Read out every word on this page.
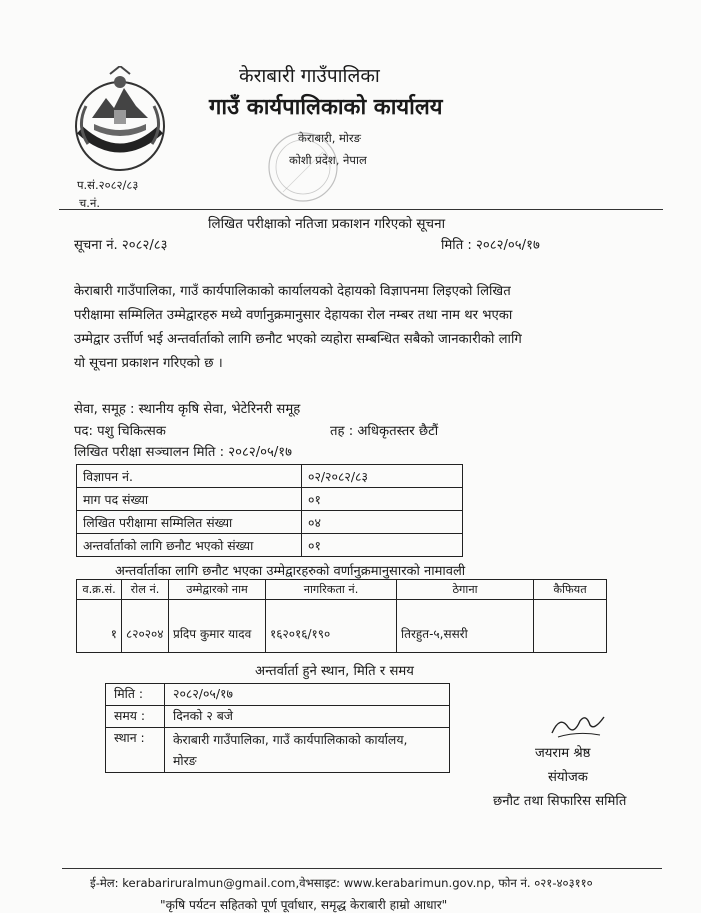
केराबारी गाउँपालिका
गाउँ कार्यपालिकाको कार्यालय
केराबारी, मोरङ
कोशी प्रदेश, नेपाल
प.सं.२०८२/८३
च.नं.
लिखित परीक्षाको नतिजा प्रकाशन गरिएको सूचना
सूचना नं. २०८२/८३	मिति : २०८२/०५/१७
केराबारी गाउँपालिका, गाउँ कार्यपालिकाको कार्यालयको देहायको विज्ञापनमा लिइएको लिखित
परीक्षामा सम्मिलित उम्मेद्वारहरु मध्ये वर्णानुक्रमानुसार देहायका रोल नम्बर तथा नाम थर भएका
उम्मेद्वार उर्त्तीर्ण भई अन्तर्वार्ताको लागि छनौट भएको व्यहोरा सम्बन्धित सबैको जानकारीको लागि
यो सूचना प्रकाशन गरिएको छ ।
सेवा, समूह : स्थानीय कृषि सेवा, भेटेरिनरी समूह
पद: पशु चिकित्सक	तह : अधिकृतस्तर छैटौं
लिखित परीक्षा सञ्चालन मिति : २०८२/०५/१७
विज्ञापन नं.	०२/२०८२/८३
माग पद संख्या	०१
लिखित परीक्षामा सम्मिलित संख्या	०४
अन्तर्वार्ताको लागि छनौट भएको संख्या	०१
अन्तर्वार्ताका लागि छनौट भएका उम्मेद्वारहरुको वर्णानुक्रमानुसारको नामावली
व.क्र.सं.	रोल नं.	उम्मेद्वारको नाम	नागरिकता नं.	ठेगाना	कैफियत
१	८२०२०४	प्रदिप कुमार यादव	१६२०१६/१९०	तिरहुत-५,ससरी	
अन्तर्वार्ता हुने स्थान, मिति र समय
मिति :	२०८२/०५/१७
समय :	दिनको २ बजे
स्थान :	केराबारी गाउँपालिका, गाउँ कार्यपालिकाको कार्यालय,
मोरङ	जयराम श्रेष्ठ
संयोजक
छनौट तथा सिफारिस समिति
ई-मेल: kerabariruralmun@gmail.com,वेभसाइट: www.kerabarimun.gov.np, फोन नं. ०२१-४०३११०
"कृषि पर्यटन सहितको पूर्ण पूर्वाधार, समृद्ध केराबारी हाम्रो आधार"
